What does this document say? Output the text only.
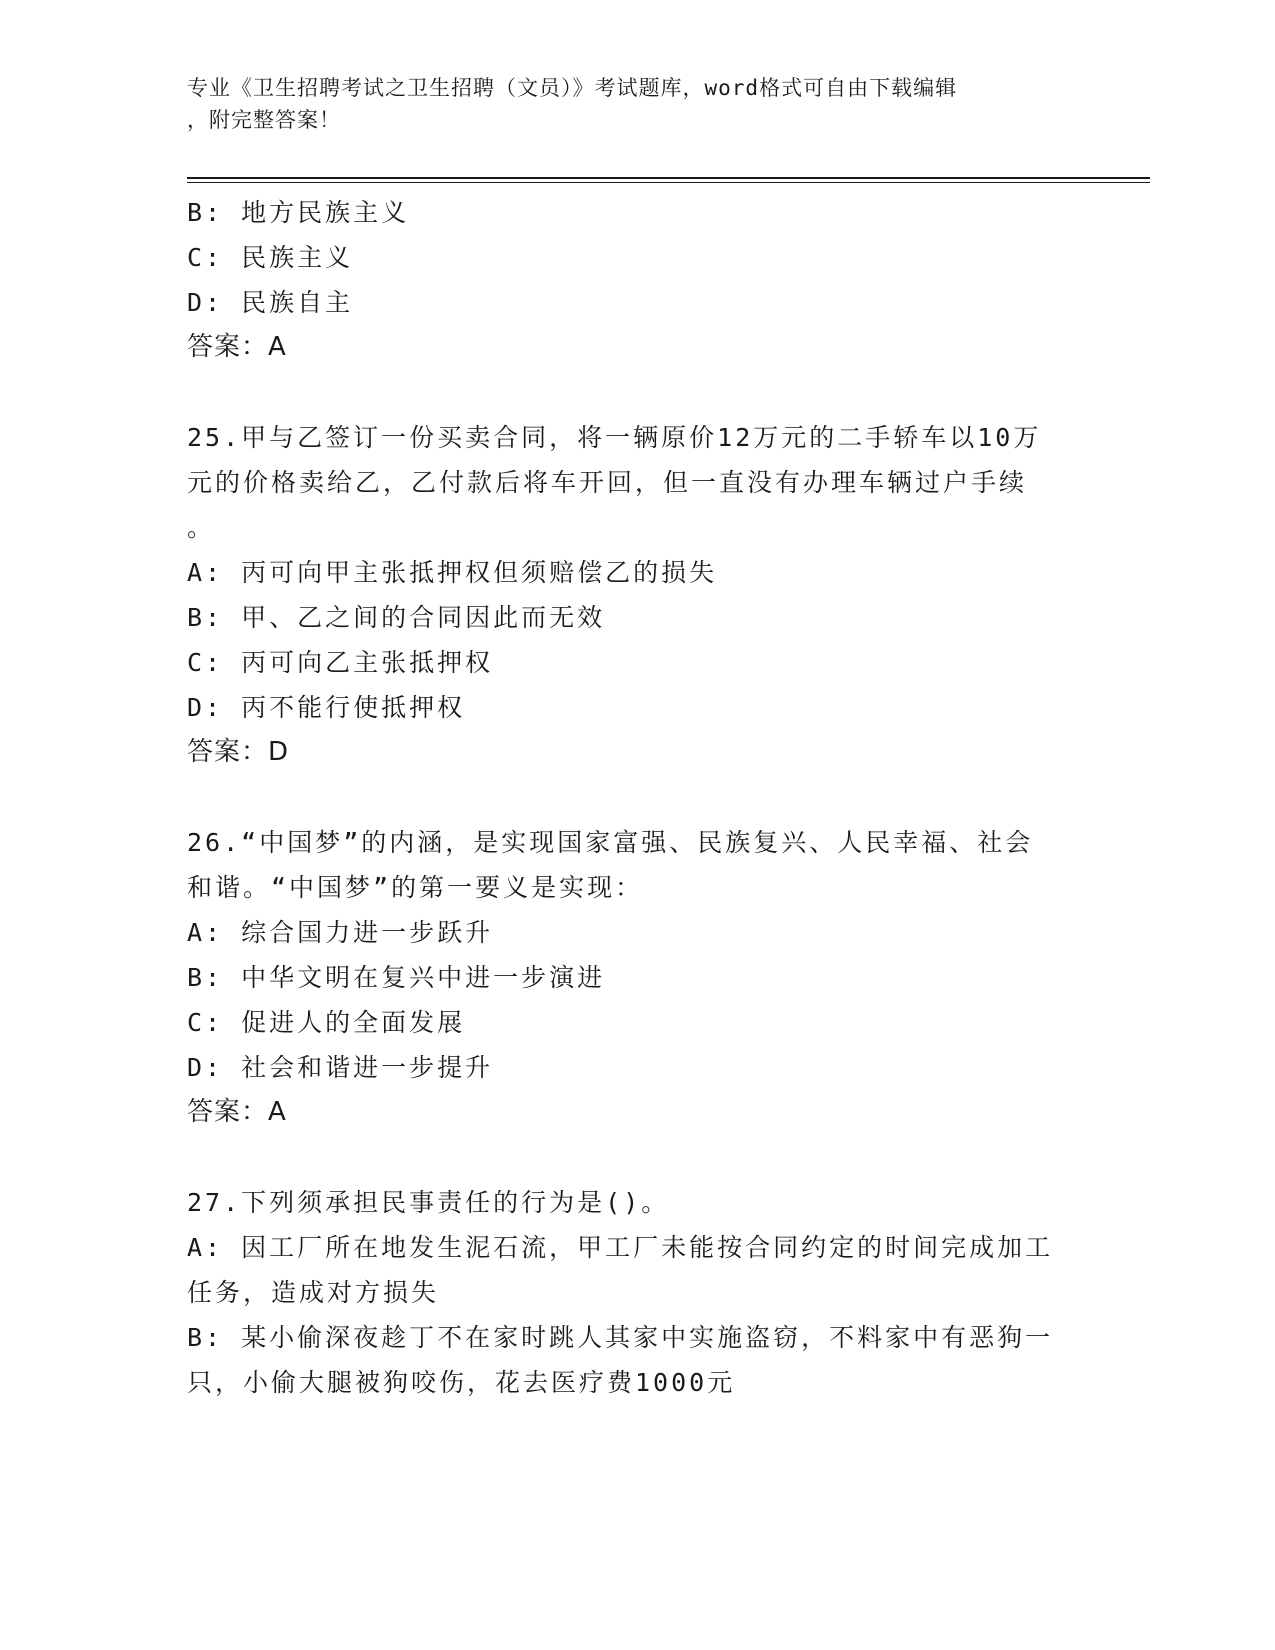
专业《卫生招聘考试之卫生招聘（文员）》考试题库，word格式可自由下载编辑
，附完整答案！
B: 地方民族主义
C: 民族主义
D: 民族自主
答案：A
25.甲与乙签订一份买卖合同，将一辆原价12万元的二手轿车以10万
元的价格卖给乙，乙付款后将车开回，但一直没有办理车辆过户手续
。
A: 丙可向甲主张抵押权但须赔偿乙的损失
B: 甲、乙之间的合同因此而无效
C: 丙可向乙主张抵押权
D: 丙不能行使抵押权
答案：D
26.“中国梦”的内涵，是实现国家富强、民族复兴、人民幸福、社会
和谐。“中国梦”的第一要义是实现：
A: 综合国力进一步跃升
B: 中华文明在复兴中进一步演进
C: 促进人的全面发展
D: 社会和谐进一步提升
答案：A
27.下列须承担民事责任的行为是()。
A: 因工厂所在地发生泥石流，甲工厂未能按合同约定的时间完成加工
任务，造成对方损失
B: 某小偷深夜趁丁不在家时跳人其家中实施盗窃，不料家中有恶狗一
只，小偷大腿被狗咬伤，花去医疗费1000元
